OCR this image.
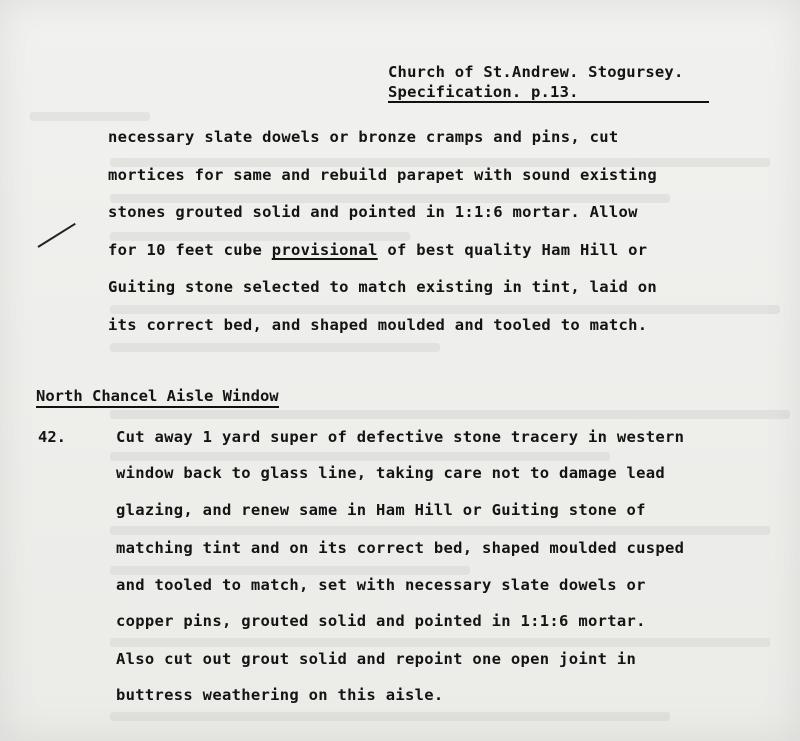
Church of St.Andrew. Stogursey.
Specification. p.13.
necessary slate dowels or bronze cramps and pins, cut
mortices for same and rebuild parapet with sound existing
stones grouted solid and pointed in 1:1:6 mortar. Allow
for 10 feet cube provisional of best quality Ham Hill or
Guiting stone selected to match existing in tint, laid on
its correct bed, and shaped moulded and tooled to match.
North Chancel Aisle Window
42.	Cut away 1 yard super of defective stone tracery in western
window back to glass line, taking care not to damage lead
glazing, and renew same in Ham Hill or Guiting stone of
matching tint and on its correct bed, shaped moulded cusped
and tooled to match, set with necessary slate dowels or
copper pins, grouted solid and pointed in 1:1:6 mortar.
Also cut out grout solid and repoint one open joint in
buttress weathering on this aisle.
